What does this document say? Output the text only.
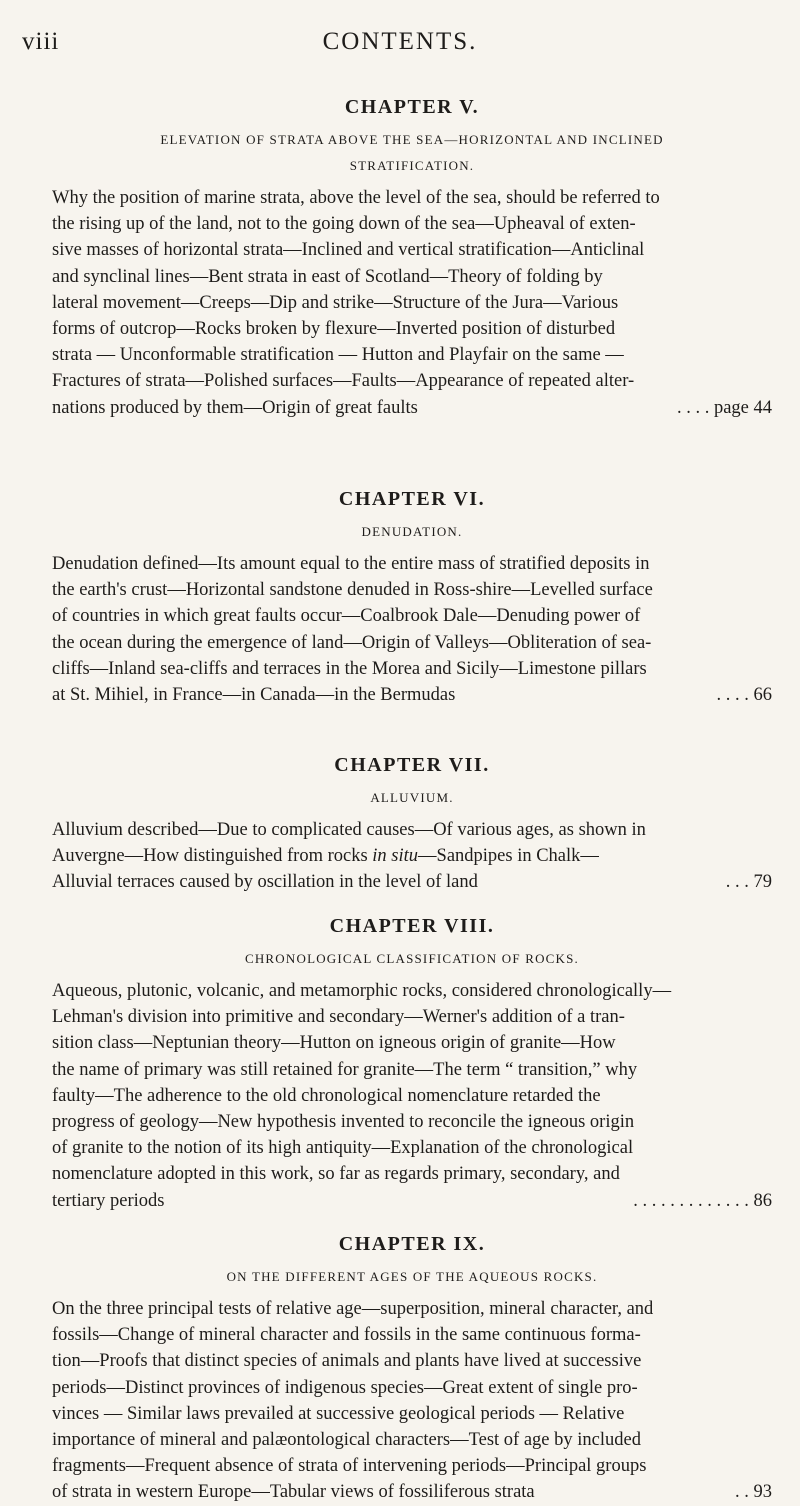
viii	CONTENTS.
CHAPTER V.

ELEVATION OF STRATA ABOVE THE SEA—HORIZONTAL AND INCLINED

STRATIFICATION.

Why the position of marine strata, above the level of the sea, should be referred to
the rising up of the land, not to the going down of the sea—Upheaval of exten-
sive masses of horizontal strata—Inclined and vertical stratification—Anticlinal
and synclinal lines—Bent strata in east of Scotland—Theory of folding by
lateral movement—Creeps—Dip and strike—Structure of the Jura—Various
forms of outcrop—Rocks broken by flexure—Inverted position of disturbed
strata — Unconformable stratification — Hutton and Playfair on the same —
Fractures of strata—Polished surfaces—Faults—Appearance of repeated alter-
nations produced by them—Origin of great faults	. . . . page 44
CHAPTER VI.

DENUDATION.

Denudation defined—Its amount equal to the entire mass of stratified deposits in
the earth's crust—Horizontal sandstone denuded in Ross-shire—Levelled surface
of countries in which great faults occur—Coalbrook Dale—Denuding power of
the ocean during the emergence of land—Origin of Valleys—Obliteration of sea-
cliffs—Inland sea-cliffs and terraces in the Morea and Sicily—Limestone pillars
at St. Mihiel, in France—in Canada—in the Bermudas	. . . . 66
CHAPTER VII.

ALLUVIUM.

Alluvium described—Due to complicated causes—Of various ages, as shown in
Auvergne—How distinguished from rocks in situ—Sandpipes in Chalk—
Alluvial terraces caused by oscillation in the level of land	. . . 79
CHAPTER VIII.

CHRONOLOGICAL CLASSIFICATION OF ROCKS.

Aqueous, plutonic, volcanic, and metamorphic rocks, considered chronologically—
Lehman's division into primitive and secondary—Werner's addition of a tran-
sition class—Neptunian theory—Hutton on igneous origin of granite—How
the name of primary was still retained for granite—The term “ transition,” why
faulty—The adherence to the old chronological nomenclature retarded the
progress of geology—New hypothesis invented to reconcile the igneous origin
of granite to the notion of its high antiquity—Explanation of the chronological
nomenclature adopted in this work, so far as regards primary, secondary, and
tertiary periods	. . . . . . . . . . . . . 86
CHAPTER IX.

ON THE DIFFERENT AGES OF THE AQUEOUS ROCKS.

On the three principal tests of relative age—superposition, mineral character, and
fossils—Change of mineral character and fossils in the same continuous forma-
tion—Proofs that distinct species of animals and plants have lived at successive
periods—Distinct provinces of indigenous species—Great extent of single pro-
vinces — Similar laws prevailed at successive geological periods — Relative
importance of mineral and palæontological characters—Test of age by included
fragments—Frequent absence of strata of intervening periods—Principal groups
of strata in western Europe—Tabular views of fossiliferous strata	. . 93
